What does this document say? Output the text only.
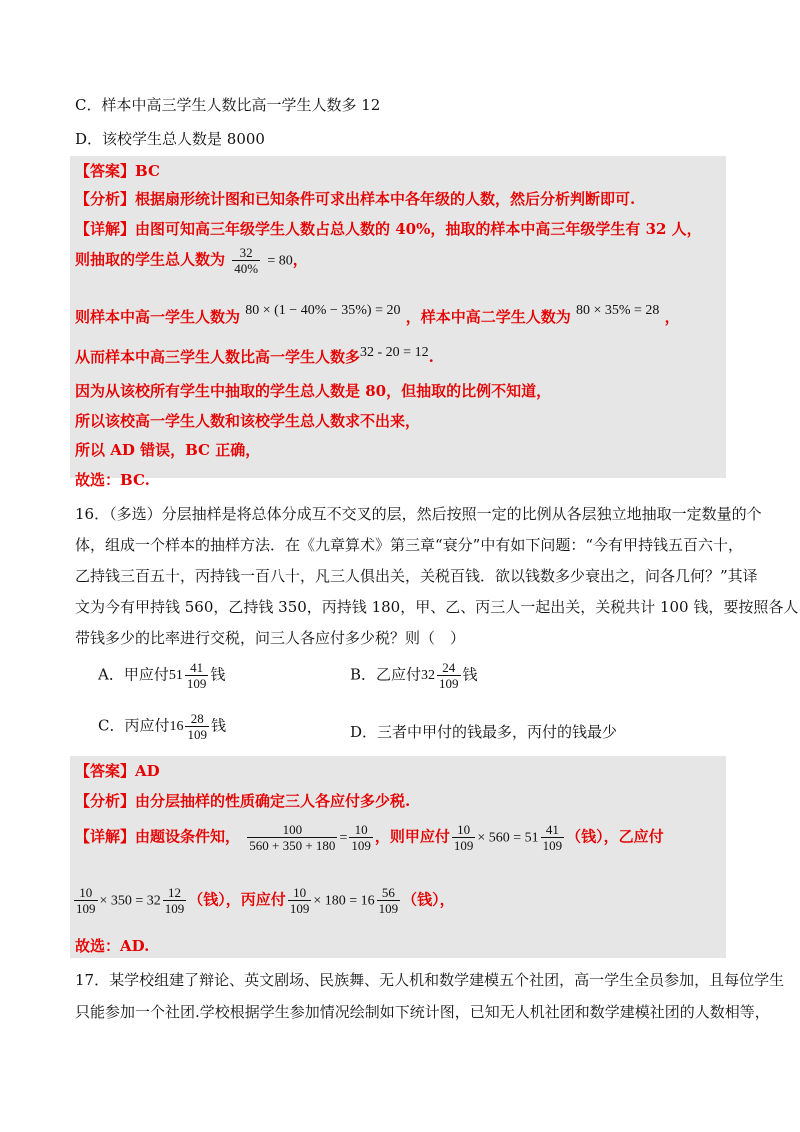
C．样本中高三学生人数比高一学生人数多 12
D．该校学生总人数是 8000
【答案】BC
【分析】根据扇形统计图和已知条件可求出样本中各年级的人数，然后分析判断即可.
【详解】由图可知高三年级学生人数占总人数的 40%，抽取的样本中高三年级学生有 32 人，
则抽取的学生总人数为 $\frac{32}{40\%} = 80$，
则样本中高一学生人数为 80 × (1 − 40% − 35%) = 20 ，样本中高二学生人数为 80 × 35% = 28 ，
从而样本中高三学生人数比高一学生人数多32 - 20 = 12.
因为从该校所有学生中抽取的学生总人数是 80，但抽取的比例不知道，
所以该校高一学生人数和该校学生总人数求不出来，
所以 AD 错误，BC 正确，
故选：BC.
16．（多选）分层抽样是将总体分成互不交叉的层，然后按照一定的比例从各层独立地抽取一定数量的个
体，组成一个样本的抽样方法．在《九章算术》第三章“衰分”中有如下问题：“今有甲持钱五百六十，
乙持钱三百五十，丙持钱一百八十，凡三人俱出关，关税百钱．欲以钱数多少衰出之，问各几何？”其译
文为今有甲持钱 560，乙持钱 350，丙持钱 180，甲、乙、丙三人一起出关，关税共计 100 钱，要按照各人
带钱多少的比率进行交税，问三人各应付多少税？则（　）
A．甲应付 $51 \frac{41}{109}$ 钱	B．乙应付 $32 \frac{24}{109}$ 钱
C．丙应付 $16 \frac{28}{109}$ 钱	D．三者中甲付的钱最多，丙付的钱最少
【答案】AD
【分析】由分层抽样的性质确定三人各应付多少税.
【详解】由题设条件知， $\frac{100}{560 + 350 + 180} = \frac{10}{109}$ ，则甲应付 $\frac{10}{109} \times 560 = 51 \frac{41}{109}$ （钱），乙应付
$\frac{10}{109} \times 350 = 32 \frac{12}{109}$ （钱），丙应付 $\frac{10}{109} \times 180 = 16 \frac{56}{109}$ （钱），
故选：AD.
17．某学校组建了辩论、英文剧场、民族舞、无人机和数学建模五个社团，高一学生全员参加，且每位学生
只能参加一个社团.学校根据学生参加情况绘制如下统计图，已知无人机社团和数学建模社团的人数相等，
